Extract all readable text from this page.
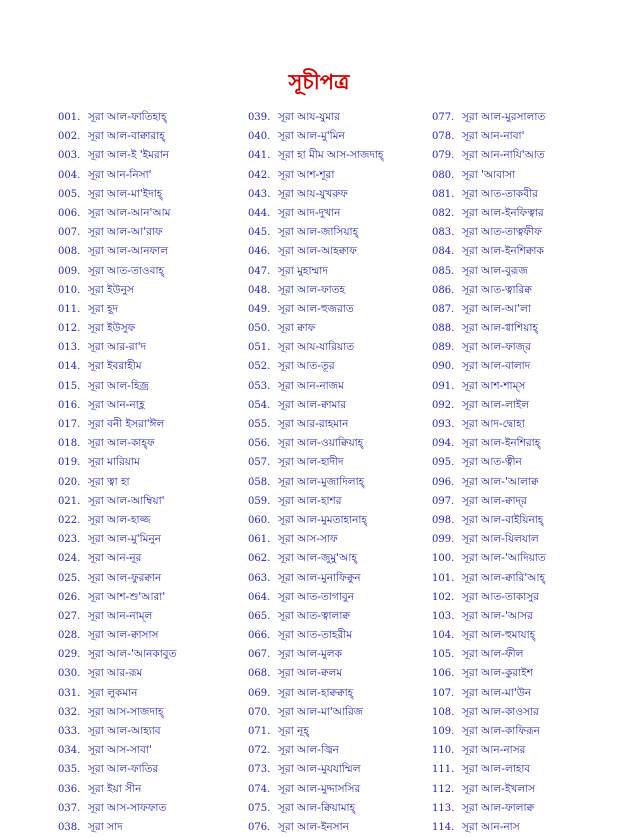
সূচীপত্র
001. সূরা আল-ফাতিহাহ্
002. সূরা আল-বাক্বারাহ্
003. সূরা আল-ই 'ইমরান
004. সূরা আন-নিসা'
005. সূরা আল-মা'ইদাহ্
006. সূরা আল-আন'আম
007. সূরা আল-আ'রাফ
008. সূরা আল-আনফাল
009. সূরা আত-তাওবাহ্
010. সূরা ইউনুস
011. সূরা হূদ
012. সূরা ইউসুফ
013. সূরা আর-রা'দ
014. সূরা ইবরাহীম
015. সূরা আল-হিজ্র
016. সূরা আন-নাহ্ল
017. সূরা বনী ইসরা'ঈল
018. সূরা আল-কাহ্ফ
019. সূরা মারিয়াম
020. সূরা ত্বা হা
021. সূরা আল-আম্বিয়া'
022. সূরা আল-হাজ্জ
023. সূরা আল-মু'মিনুন
024. সূরা আন-নূর
025. সূরা আল-ফুরক্বান
026. সূরা আশ-শু'আরা'
027. সূরা আন-নাম্‌ল
028. সূরা আল-ক্বাসাস
029. সূরা আল-'আনকাবুত
030. সূরা আর-রূম
031. সূরা লুকমান
032. সূরা আস-সাজদাহ্
033. সূরা আল-আহ্যাব
034. সূরা আস-সাবা'
035. সূরা আল-ফাতির
036. সূরা ইয়া সীন
037. সূরা আস-সাফফাত
038. সূরা সাদ
039. সূরা আয-যুমার
040. সূরা আল-মু'মিন
041. সূরা হা মীম আস-সাজদাহ্
042. সূরা আশ-শূরা
043. সূরা আয-যুখরুফ
044. সূরা আদ-দুখান
045. সূরা আল-জাসিয়াহ্
046. সূরা আল-আহক্বাফ
047. সূরা মুহাম্মাদ
048. সূরা আল-ফাতহ
049. সূরা আল-হুজরাত
050. সূরা ক্বাফ
051. সূরা আয-যারিয়াত
052. সূরা আত-তূর
053. সূরা আন-নাজম
054. সূরা আল-ক্বামার
055. সূরা আর-রাহমান
056. সূরা আল-ওয়াক্বিয়াহ্
057. সূরা আল-হাদীদ
058. সূরা আল-মুজাদিলাহ্
059. সূরা আল-হাশর
060. সূরা আল-মুমতাহানাহ্
061. সূরা আস-সাফ
062. সূরা আল-জুমু'আহ্
063. সূরা আল-মুনাফিক্বুন
064. সূরা আত-তাগাবুন
065. সূরা আত-ত্বালাক্ব
066. সূরা আত-তাহরীম
067. সূরা আল-মুলক
068. সূরা আল-ক্বলম
069. সূরা আল-হাক্বক্বাহ্
070. সূরা আল-মা'আরিজ
071. সূরা নূহ্
072. সূরা আল-জ্বিন
073. সূরা আল-মুযযাম্মিল
074. সূরা আল-মুদ্দাসসির
075. সূরা আল-ক্বিয়ামাহ্
076. সূরা আল-ইনসান
077. সূরা আল-মুরসালাত
078. সূরা আন-নাবা'
079. সূরা আন-নাযি'আত
080. সূরা 'আবাসা
081. সূরা আত-তাকবীর
082. সূরা আল-ইনফিত্বার
083. সূরা আত-তাত্বফীফ
084. সূরা আল-ইনশিক্বাক
085. সূরা আল-বুরূজ
086. সূরা আত-ত্বারিক্ব
087. সূরা আল-আ'লা
088. সূরা আল-গ্বাশিয়াহ্
089. সূরা আল-ফাজ্‌র
090. সূরা আল-বালাদ
091. সূরা আশ-শাম্‌স
092. সূরা আল-লাইল
093. সূরা আদ-দ্বোহা
094. সূরা আল-ইনশিরাহ্
095. সূরা আত-ত্বীন
096. সূরা আল-'আলাক্ব
097. সূরা আল-ক্বাদ্‌র
098. সূরা আল-বাইয়িনাহ্
099. সূরা আল-যিলযাল
100. সূরা আল-'আদিয়াত
101. সূরা আল-ক্বারি'আহ্
102. সূরা আত-তাকাসুর
103. সূরা আল-'আসর
104. সূরা আল-হুমাযাহ্
105. সূরা আল-ফীল
106. সূরা আল-কুরাইশ
107. সূরা আল-মা'উন
108. সূরা আল-কাওসার
109. সূরা আল-কাফিরূন
110. সূরা আন-নাসর
111. সূরা আল-লাহাব
112. সূরা আল-ইখলাস
113. সূরা আল-ফালাক্ব
114. সূরা আন-নাস
